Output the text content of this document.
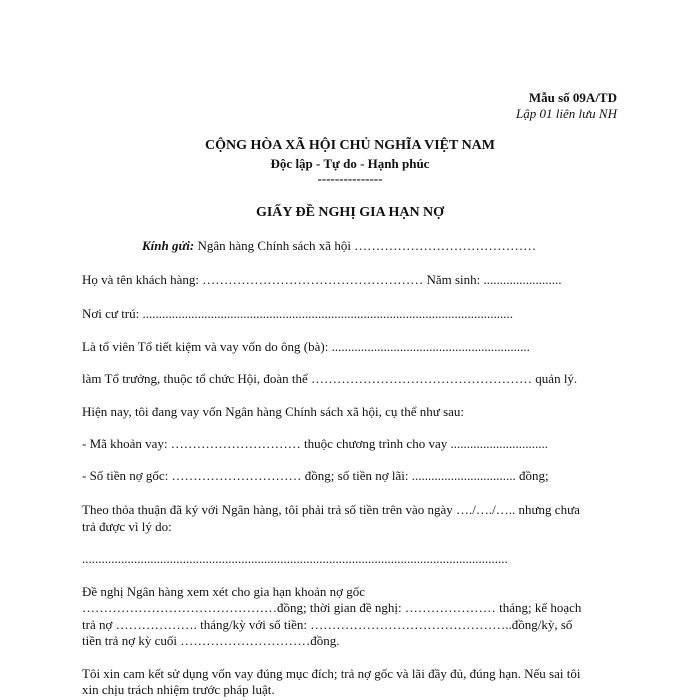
Mẫu số 09A/TD
Lập 01 liên lưu NH
CỘNG HÒA XÃ HỘI CHỦ NGHĨA VIỆT NAM
Độc lập - Tự do - Hạnh phúc
---------------
GIẤY ĐỀ NGHỊ GIA HẠN NỢ
Kính gửi: Ngân hàng Chính sách xã hội ……………………………………
Họ và tên khách hàng: …………………………………………… Năm sinh: ........................
Nơi cư trú: ..................................................................................................................
Là tổ viên Tổ tiết kiệm và vay vốn do ông (bà): .............................................................
làm Tổ trưởng, thuộc tổ chức Hội, đoàn thể …………………………………………… quản lý.
Hiện nay, tôi đang vay vốn Ngân hàng Chính sách xã hội, cụ thể như sau:
- Mã khoản vay: ………………………… thuộc chương trình cho vay ..............................
- Số tiền nợ gốc: ………………………… đồng; số tiền nợ lãi: ................................ đồng;
Theo thỏa thuận đã ký với Ngân hàng, tôi phải trả số tiền trên vào ngày …./…./….. nhưng chưa
trả được vì lý do:
...................................................................................................................................
Đề nghị Ngân hàng xem xét cho gia hạn khoản nợ gốc
………………………………………đồng; thời gian đề nghị: ………………… tháng; kế hoạch
trả nợ ………………. tháng/kỳ với số tiền: ………………………………………..đồng/kỳ, số
tiền trả nợ kỳ cuối …………………………đồng.
Tôi xin cam kết sử dụng vốn vay đúng mục đích; trả nợ gốc và lãi đầy đủ, đúng hạn. Nếu sai tôi
xin chịu trách nhiệm trước pháp luật.
